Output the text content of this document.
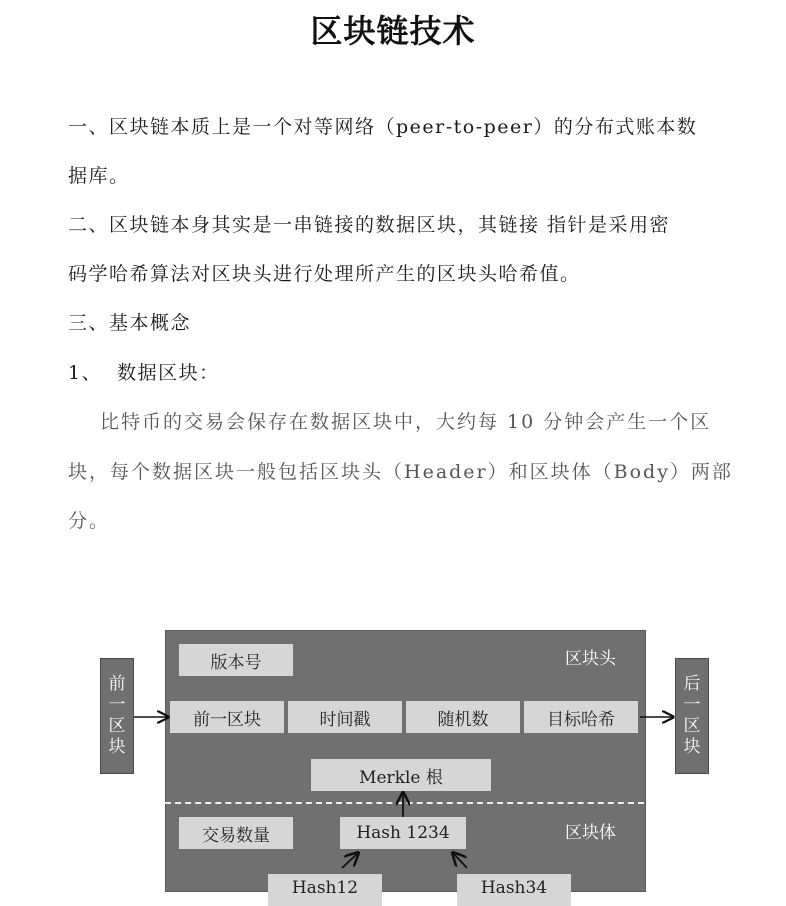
区块链技术
一、区块链本质上是一个对等网络（peer-to-peer）的分布式账本数
据库。
二、区块链本身其实是一串链接的数据区块，其链接 指针是采用密
码学哈希算法对区块头进行处理所产生的区块头哈希值。
三、基本概念
1、  数据区块：
比特币的交易会保存在数据区块中，大约每 10 分钟会产生一个区
块，每个数据区块一般包括区块头（Header）和区块体（Body）两部
分。
区块头
区块体
版本号
前一区块	时间戳	随机数	目标哈希
Merkle 根
交易数量	Hash 1234
Hash12	Hash34
前
一
区
块
后
一
区
块
